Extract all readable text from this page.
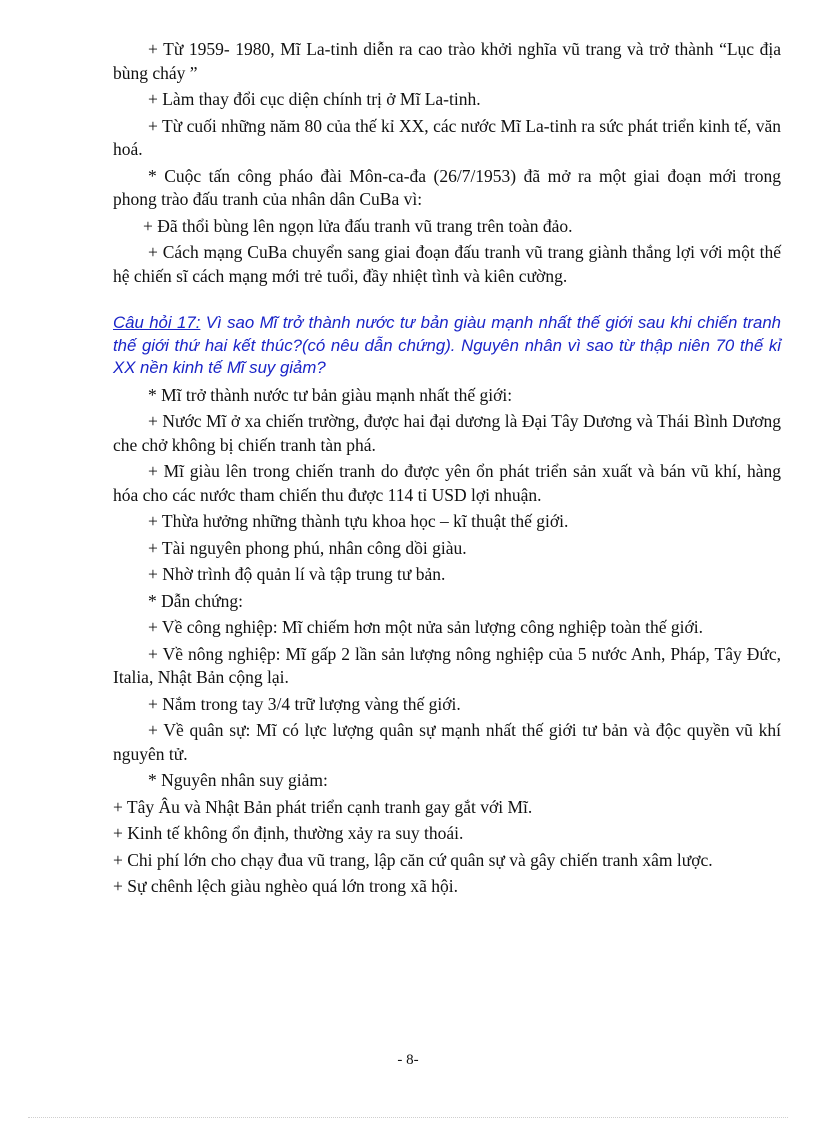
+ Từ 1959- 1980, Mĩ La-tinh diễn ra cao trào khởi nghĩa vũ trang và trở thành “Lục địa bùng cháy ”

+ Làm thay đổi cục diện chính trị ở Mĩ La-tinh.

+ Từ cuối những năm 80 của thế kỉ XX, các nước Mĩ La-tinh ra sức phát triển kinh tế, văn hoá.

* Cuộc tấn công pháo đài Môn-ca-đa (26/7/1953) đã mở ra một giai đoạn mới trong phong trào đấu tranh của nhân dân CuBa vì:

+ Đã thổi bùng lên ngọn lửa đấu tranh vũ trang trên toàn đảo.

+ Cách mạng CuBa chuyển sang giai đoạn đấu tranh vũ trang giành thắng lợi với một thế hệ chiến sĩ cách mạng mới trẻ tuổi, đầy nhiệt tình và kiên cường.

Câu hỏi 17: Vì sao Mĩ trở thành nước tư bản giàu mạnh nhất thế giới sau khi chiến tranh thế giới thứ hai kết thúc?(có nêu dẫn chứng). Nguyên nhân vì sao từ thập niên 70 thế kỉ XX nền kinh tế Mĩ suy giảm?

* Mĩ trở thành nước tư bản giàu mạnh nhất thế giới:

+ Nước Mĩ ở xa chiến trường, được hai đại dương là Đại Tây Dương và Thái Bình Dương che chở không bị chiến tranh tàn phá.

+ Mĩ giàu lên trong chiến tranh do được yên ổn phát triển sản xuất và bán vũ khí, hàng hóa cho các nước tham chiến thu được 114 tỉ USD lợi nhuận.

+ Thừa hưởng những thành tựu khoa học – kĩ thuật thế giới.

+ Tài nguyên phong phú, nhân công dồi giàu.

+ Nhờ trình độ quản lí và tập trung tư bản.

* Dẫn chứng:

+ Về công nghiệp: Mĩ chiếm hơn một nửa sản lượng công nghiệp toàn thế giới.

+ Về nông nghiệp: Mĩ gấp 2 lần sản lượng nông nghiệp của 5 nước Anh, Pháp, Tây Đức, Italia, Nhật Bản cộng lại.

+ Nắm trong tay 3/4 trữ lượng vàng thế giới.

+ Về quân sự: Mĩ có lực lượng quân sự mạnh nhất thế giới tư bản và độc quyền vũ khí nguyên tử.

* Nguyên nhân suy giảm:

+ Tây Âu và Nhật Bản phát triển cạnh tranh gay gắt với Mĩ.

+ Kinh tế không ổn định, thường xảy ra suy thoái.

+ Chi phí lớn cho chạy đua vũ trang, lập căn cứ quân sự và gây chiến tranh xâm lược.

+ Sự chênh lệch giàu nghèo quá lớn trong xã hội.

- 8-
